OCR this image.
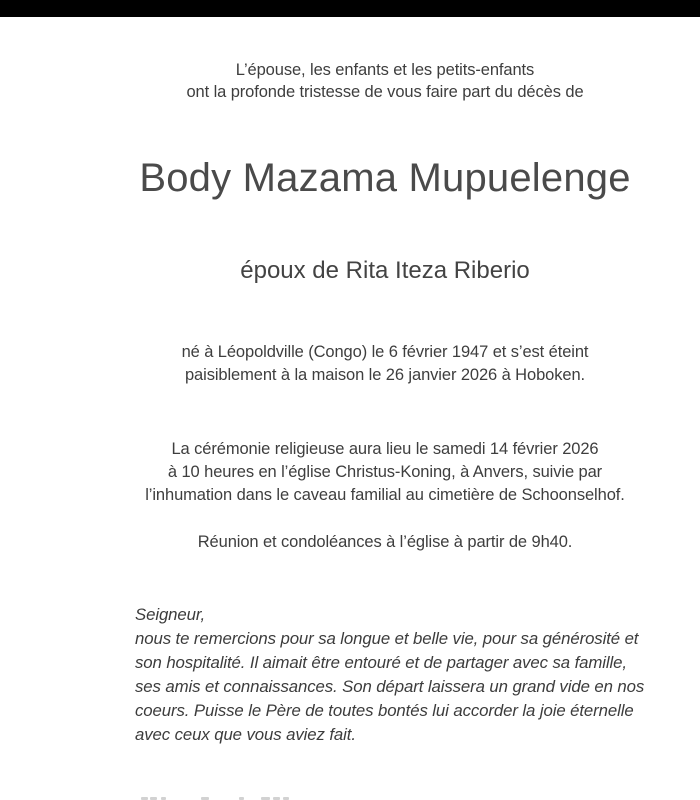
L’épouse, les enfants et les petits-enfants
ont la profonde tristesse de vous faire part du décès de
Body Mazama Mupuelenge
époux de Rita Iteza Riberio
né à Léopoldville (Congo) le 6 février 1947 et s’est éteint
paisiblement à la maison le 26 janvier 2026 à Hoboken.
La cérémonie religieuse aura lieu le samedi 14 février 2026
à 10 heures en l’église Christus-Koning, à Anvers, suivie par
l’inhumation dans le caveau familial au cimetière de Schoonselhof.
Réunion et condoléances à l’église à partir de 9h40.
Seigneur,
nous te remercions pour sa longue et belle vie, pour sa générosité et
son hospitalité. Il aimait être entouré et de partager avec sa famille,
ses amis et connaissances. Son départ laissera un grand vide en nos
coeurs. Puisse le Père de toutes bontés lui accorder la joie éternelle
avec ceux que vous aviez fait.
